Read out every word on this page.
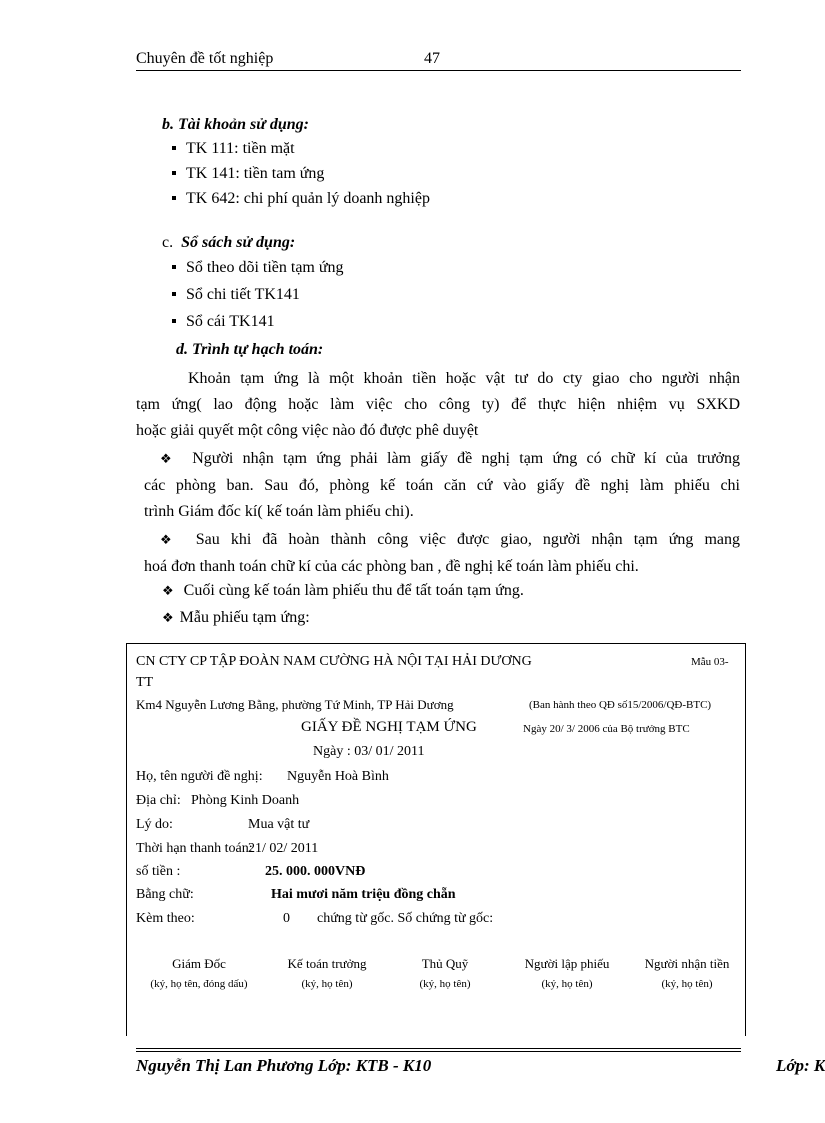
Chuyên đề tốt nghiệp	47
b. Tài khoản sử dụng:
TK 111: tiền mặt
TK 141: tiền tam ứng
TK 642: chi phí quản lý doanh nghiệp
c. Sổ sách sử dụng:
Sổ theo dõi tiền tạm ứng
Sổ chi tiết TK141
Sổ cái TK141
d. Trình tự hạch toán:
Khoản tạm ứng là một khoản tiền hoặc vật tư do cty giao cho người nhận
tạm ứng( lao động hoặc làm việc cho công ty) để thực hiện nhiệm vụ SXKD
hoặc giải quyết một công việc nào đó được phê duyệt
❖ Người nhận tạm ứng phải làm giấy đề nghị tạm ứng có chữ kí của trưởng
các phòng ban. Sau đó, phòng kế toán căn cứ vào giấy đề nghị làm phiếu chi
trình Giám đốc kí( kế toán làm phiếu chi).
❖ Sau khi đã hoàn thành công việc được giao, người nhận tạm ứng mang
hoá đơn thanh toán chữ kí của các phòng ban , đề nghị kế toán làm phiếu chi.
❖ Cuối cùng kế toán làm phiếu thu để tất toán tạm ứng.
❖ Mẫu phiếu tạm ứng:
CN CTY CP TẬP ĐOÀN NAM CƯỜNG HÀ NỘI TẠI HẢI DƯƠNG	Mẫu 03-
TT
Km4 Nguyễn Lương Bằng, phường Tứ Minh, TP Hải Dương	(Ban hành theo QĐ số15/2006/QĐ-BTC)
GIẤY ĐỀ NGHỊ TẠM ỨNG	Ngày 20/ 3/ 2006 của Bộ trưởng BTC
Ngày : 03/ 01/ 2011
Họ, tên người đề nghị: Nguyễn Hoà Bình
Địa chỉ: Phòng Kinh Doanh
Lý do:	Mua vật tư
Thời hạn thanh toán:
21/ 02/ 2011
số tiền :	25. 000. 000VNĐ
Bằng chữ:	Hai mươi năm triệu đồng chẵn
Kèm theo:	0 chứng từ gốc. Số chứng từ gốc:
Giám Đốc
(ký, họ tên, đóng dấu)
Kế toán trưởng
(ký, họ tên)
Thủ Quỹ
(ký, họ tên)
Người lập phiếu
(ký, họ tên)
Người nhận tiền
(ký, họ tên)
Nguyễn Thị Lan Phương Lớp: KTB - K10	Lớp: K
